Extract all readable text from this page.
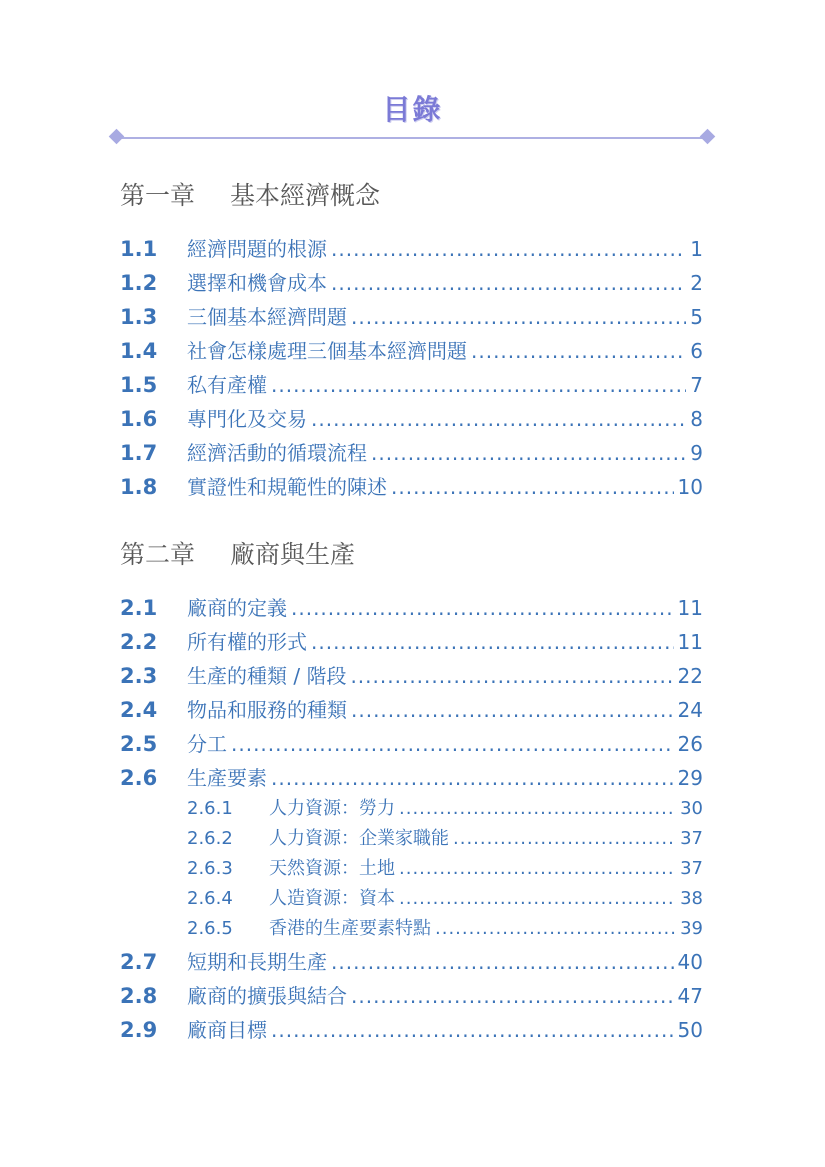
目錄
第一章 基本經濟概念
1.1	經濟問題的根源 .....	1
1.2	選擇和機會成本 .....	2
1.3	三個基本經濟問題 .....	5
1.4	社會怎樣處理三個基本經濟問題 .....	6
1.5	私有產權 .....	7
1.6	專門化及交易 .....	8
1.7	經濟活動的循環流程 .....	9
1.8	實證性和規範性的陳述 .....	10
第二章 廠商與生產
2.1	廠商的定義 .....	11
2.2	所有權的形式 .....	11
2.3	生產的種類 / 階段 .....	22
2.4	物品和服務的種類 .....	24
2.5	分工 .....	26
2.6	生產要素 .....	29
2.6.1	人力資源：勞力 .....	30
2.6.2	人力資源：企業家職能 .....	37
2.6.3	天然資源：土地 .....	37
2.6.4	人造資源：資本 .....	38
2.6.5	香港的生產要素特點 .....	39
2.7	短期和長期生產 .....	40
2.8	廠商的擴張與結合 .....	47
2.9	廠商目標 .....	50
